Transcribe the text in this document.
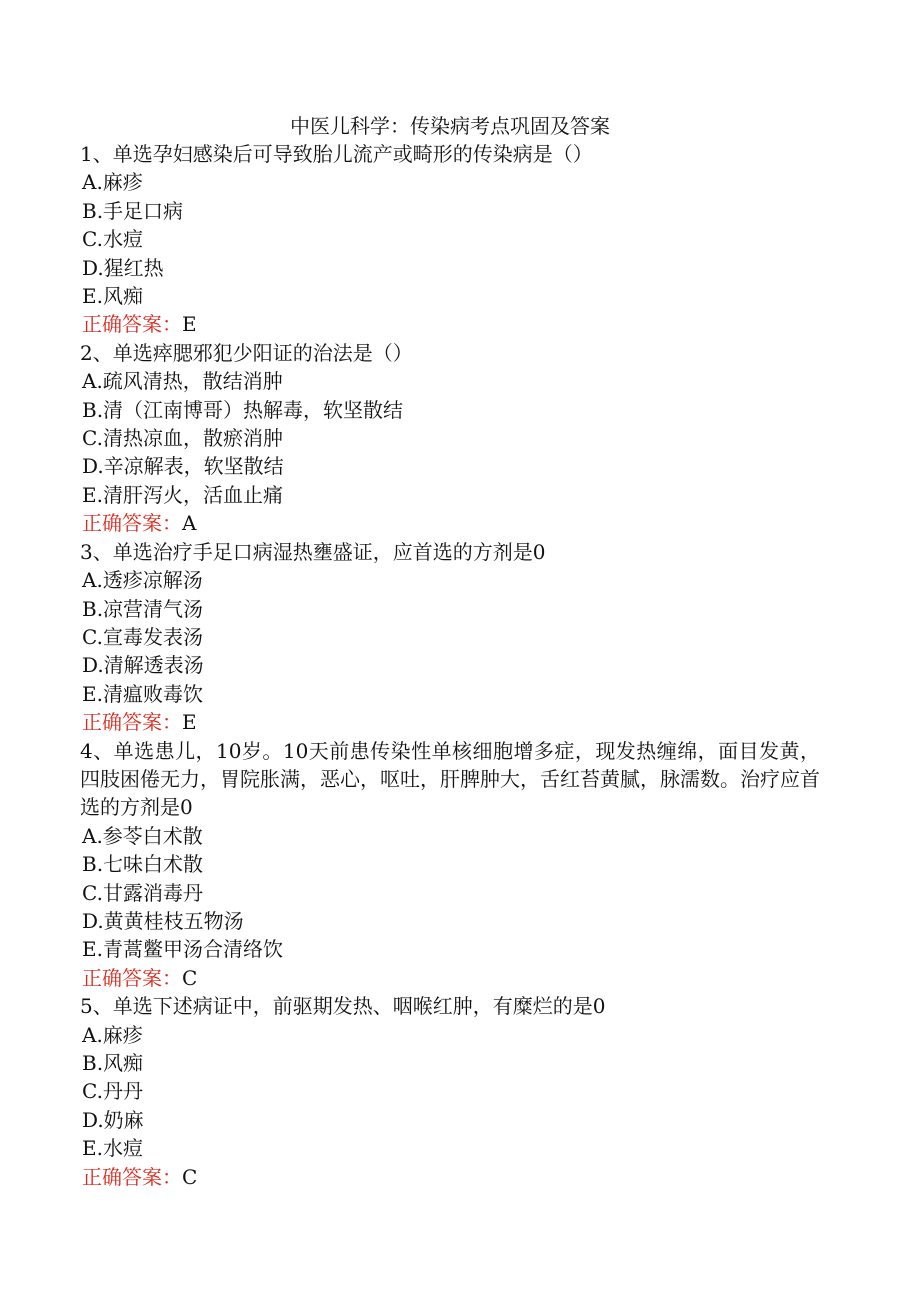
中医儿科学：传染病考点巩固及答案
1、单选孕妇感染后可导致胎儿流产或畸形的传染病是（）
A.麻疹
B.手足口病
C.水痘
D.猩红热
E.风痴
正确答案：E
2、单选瘁腮邪犯少阳证的治法是（）
A.疏风清热，散结消肿
B.清（江南博哥）热解毒，软坚散结
C.清热凉血，散瘀消肿
D.辛凉解表，软坚散结
E.清肝泻火，活血止痛
正确答案：A
3、单选治疗手足口病湿热壅盛证，应首选的方剂是0
A.透疹凉解汤
B.凉营清气汤
C.宣毒发表汤
D.清解透表汤
E.清瘟败毒饮
正确答案：E
4、单选患儿，10岁。10天前患传染性单核细胞增多症，现发热缠绵，面目发黄，四肢困倦无力，胃院胀满，恶心，呕吐，肝脾肿大，舌红苔黄腻，脉濡数。治疗应首选的方剂是0
A.参苓白术散
B.七味白术散
C.甘露消毒丹
D.黄黄桂枝五物汤
E.青蒿鳖甲汤合清络饮
正确答案：C
5、单选下述病证中，前驱期发热、咽喉红肿，有糜烂的是0
A.麻疹
B.风痴
C.丹丹
D.奶麻
E.水痘
正确答案：C
